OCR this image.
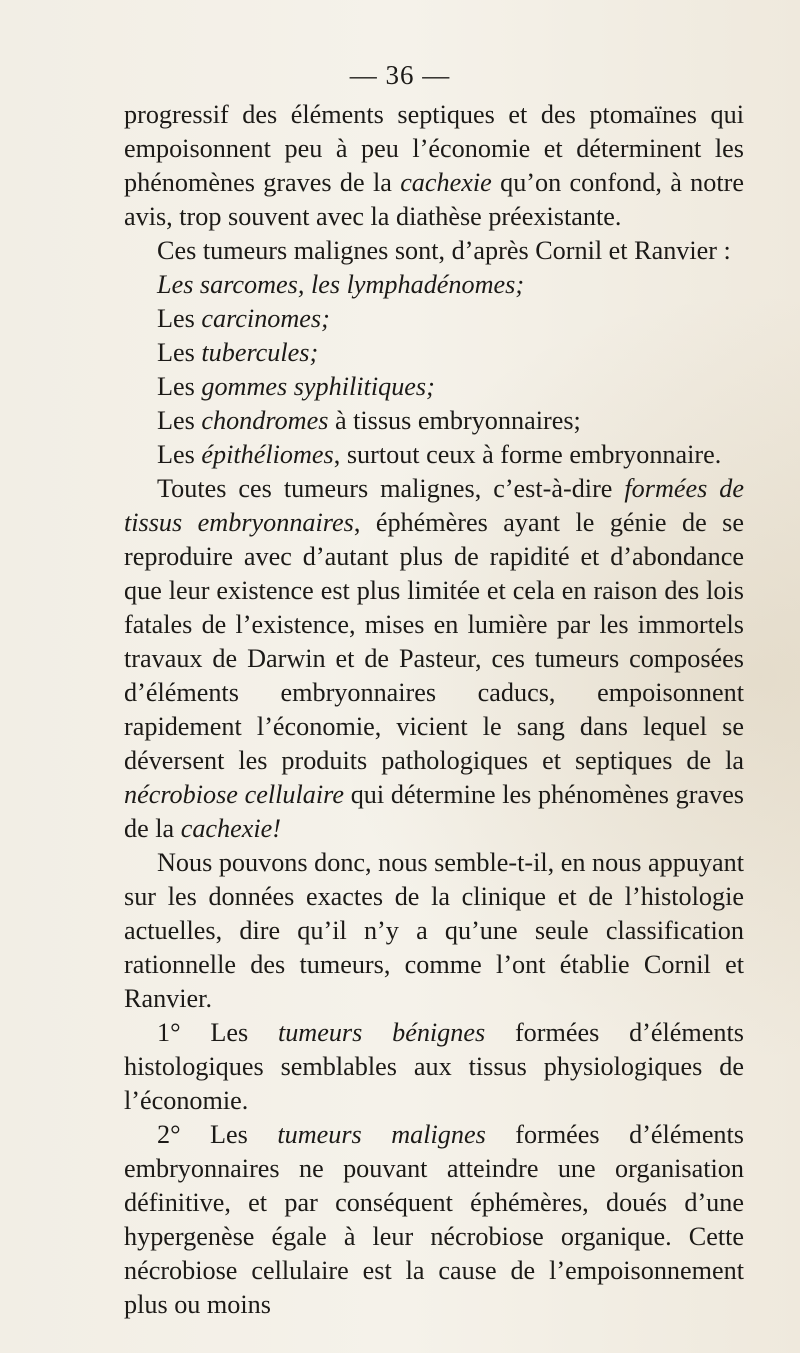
— 36 —

progressif des éléments septiques et des ptomaïnes qui empoisonnent peu à peu l’économie et déterminent les phénomènes graves de la cachexie qu’on confond, à notre avis, trop souvent avec la diathèse préexistante.

Ces tumeurs malignes sont, d’après Cornil et Ranvier :

Les sarcomes, les lymphadénomes;

Les carcinomes;

Les tubercules;

Les gommes syphilitiques;

Les chondromes à tissus embryonnaires;

Les épithéliomes, surtout ceux à forme embryonnaire.

Toutes ces tumeurs malignes, c’est-à-dire formées de tissus embryonnaires, éphémères ayant le génie de se reproduire avec d’autant plus de rapidité et d’abondance que leur existence est plus limitée et cela en raison des lois fatales de l’existence, mises en lumière par les immortels travaux de Darwin et de Pasteur, ces tumeurs composées d’éléments embryonnaires caducs, empoisonnent rapidement l’économie, vicient le sang dans lequel se déversent les produits pathologiques et septiques de la nécrobiose cellulaire qui détermine les phénomènes graves de la cachexie!

Nous pouvons donc, nous semble-t-il, en nous appuyant sur les données exactes de la clinique et de l’histologie actuelles, dire qu’il n’y a qu’une seule classification rationnelle des tumeurs, comme l’ont établie Cornil et Ranvier.

1° Les tumeurs bénignes formées d’éléments histologiques semblables aux tissus physiologiques de l’économie.

2° Les tumeurs malignes formées d’éléments embryonnaires ne pouvant atteindre une organisation définitive, et par conséquent éphémères, doués d’une hypergenèse égale à leur nécrobiose organique. Cette nécrobiose cellulaire est la cause de l’empoisonnement plus ou moins
